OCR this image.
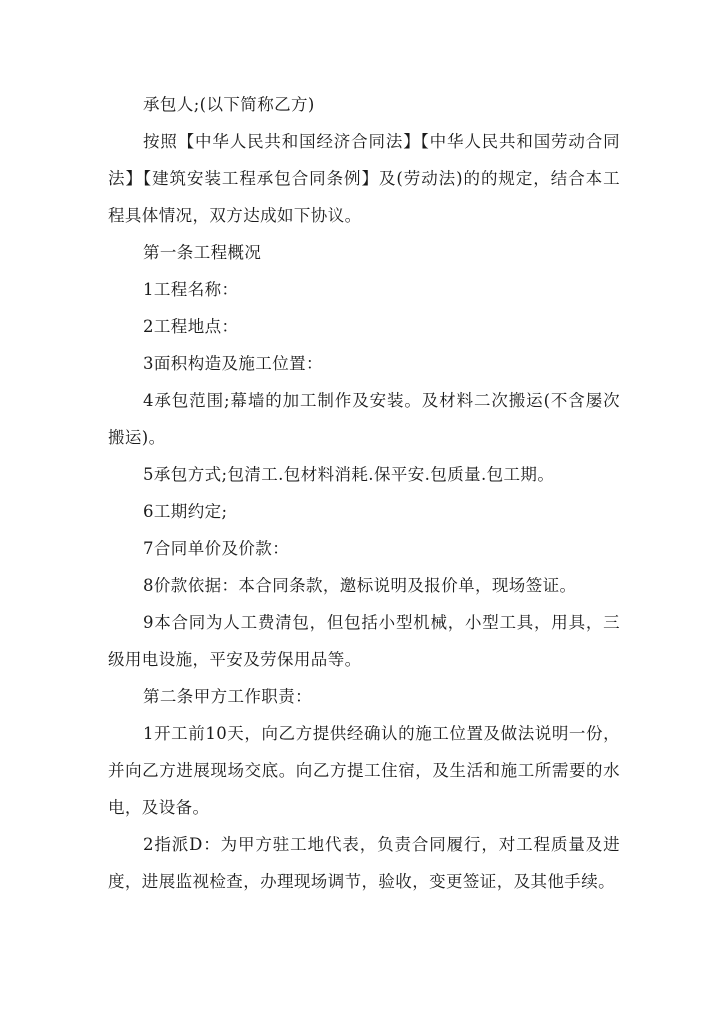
承包人;(以下简称乙方)

按照【中华人民共和国经济合同法】【中华人民共和国劳动合同法】【建筑安装工程承包合同条例】及(劳动法)的的规定，结合本工程具体情况，双方达成如下协议。

第一条工程概况

1工程名称：

2工程地点：

3面积构造及施工位置：

4承包范围;幕墙的加工制作及安装。及材料二次搬运(不含屡次搬运)。

5承包方式;包清工.包材料消耗.保平安.包质量.包工期。

6工期约定;

7合同单价及价款：

8价款依据：本合同条款，邀标说明及报价单，现场签证。

9本合同为人工费清包，但包括小型机械，小型工具，用具，三级用电设施，平安及劳保用品等。

第二条甲方工作职责：

1开工前10天，向乙方提供经确认的施工位置及做法说明一份，并向乙方进展现场交底。向乙方提工住宿，及生活和施工所需要的水电，及设备。

2指派D：为甲方驻工地代表，负责合同履行，对工程质量及进度，进展监视检查，办理现场调节，验收，变更签证，及其他手续。
